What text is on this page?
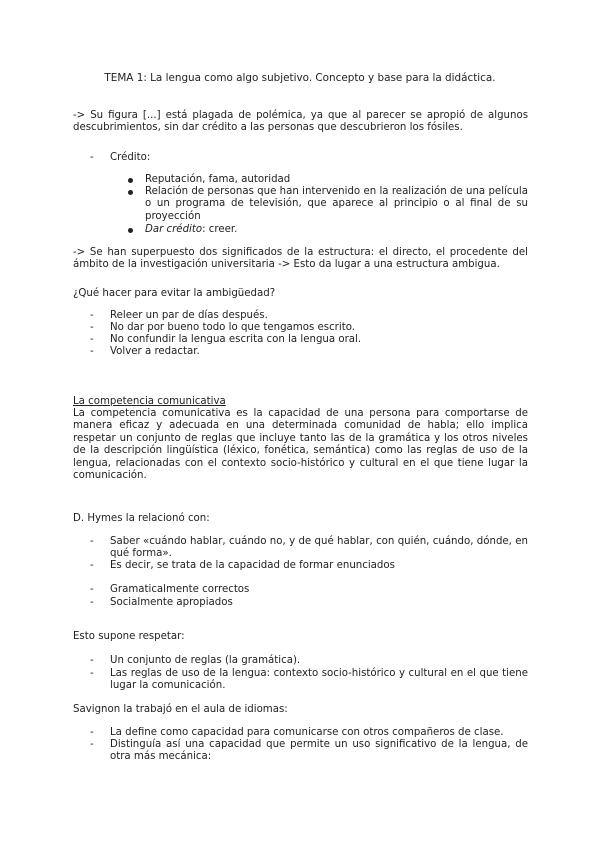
TEMA 1: La lengua como algo subjetivo. Concepto y base para la didáctica.

-> Su figura [...] está plagada de polémica, ya que al parecer se apropió de algunos descubrimientos, sin dar crédito a las personas que descubrieron los fósiles.

- Crédito:
Reputación, fama, autoridad
Relación de personas que han intervenido en la realización de una película o un programa de televisión, que aparece al principio o al final de su proyección
Dar crédito: creer.

-> Se han superpuesto dos significados de la estructura: el directo, el procedente del ámbito de la investigación universitaria -> Esto da lugar a una estructura ambigua.

¿Qué hacer para evitar la ambigüedad?

- Releer un par de días después.
- No dar por bueno todo lo que tengamos escrito.
- No confundir la lengua escrita con la lengua oral.
- Volver a redactar.

La competencia comunicativa

La competencia comunicativa es la capacidad de una persona para comportarse de manera eficaz y adecuada en una determinada comunidad de habla; ello implica respetar un conjunto de reglas que incluye tanto las de la gramática y los otros niveles de la descripción lingüística (léxico, fonética, semántica) como las reglas de uso de la lengua, relacionadas con el contexto socio-histórico y cultural en el que tiene lugar la comunicación.

D. Hymes la relacionó con:

- Saber «cuándo hablar, cuándo no, y de qué hablar, con quién, cuándo, dónde, en qué forma».
- Es decir, se trata de la capacidad de formar enunciados
- Gramaticalmente correctos
- Socialmente apropiados

Esto supone respetar:

- Un conjunto de reglas (la gramática).
- Las reglas de uso de la lengua: contexto socio-histórico y cultural en el que tiene lugar la comunicación.

Savignon la trabajó en el aula de idiomas:

- La define como capacidad para comunicarse con otros compañeros de clase.
- Distinguía así una capacidad que permite un uso significativo de la lengua, de otra más mecánica:
